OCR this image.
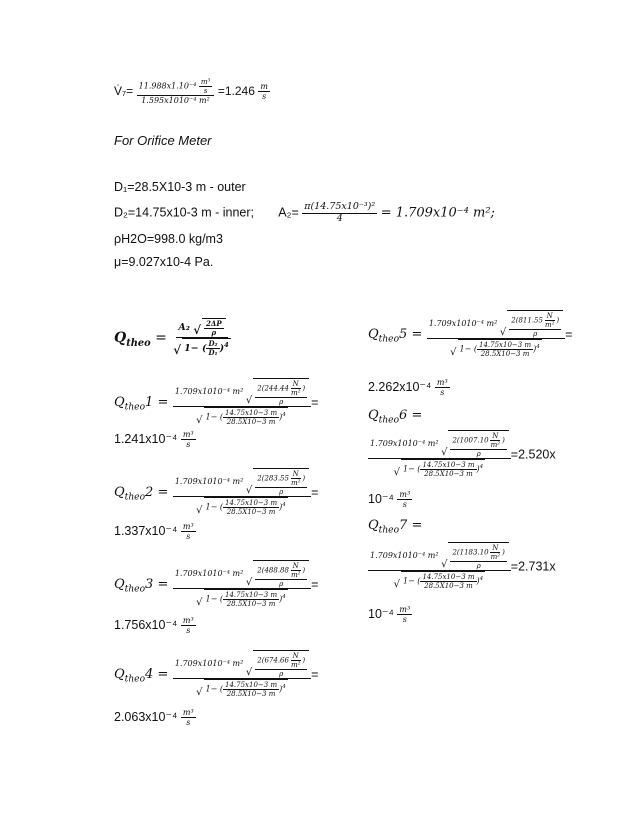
V̇₇= $\frac{11.988x1.10^{-4} \frac{\text{m³}}{s}}{\text{1.595x1010⁻⁴ m²}} =1.246 \frac{m}{s}$
For Orifice Meter
D₁=28.5X10-3 m - outer
D₂=14.75x10-3 m - inner; $A_2= \frac{\text{π(14.75x10⁻³)²}}{4} = 1.709x10^{-4}$ m²;
ρH2O=998.0 kg/m3
μ=9.027x10-4 Pa.
$Q_{theo} = \frac{A_2 √ \frac{2\Delta P}{\rho}}{√ 1- ( \frac{\text{D₂}}{\text{D₁}} )^4}$
$Q_{theo}1 = 1.709x1010^{-4}$ m²
√ $\frac{2(244.44 \frac{N}{\text{m²}} )}{\rho}$
√ 1− ( $\frac{14.75x10-3 m}{28.5X10-3 m} )^4$ =
$1.241x10^{-4} \frac{\text{m³}}{s}$
$Q_{theo}2 = 1.709x1010^{-4}$ m²
√ $\frac{2(283.55 \frac{N}{\text{m²}} )}{\rho}$
√ 1− ( $\frac{14.75x10-3 m}{28.5X10-3 m} )^4$ =
$1.337x10^{-4} \frac{\text{m³}}{s}$
$Q_{theo}3 = 1.709x1010^{-4}$ m²
√ $\frac{2(488.88 \frac{N}{\text{m²}} )}{\rho}$
√ 1− ( $\frac{14.75x10-3 m}{28.5X10-3 m} )^4$ =
$1.756x10^{-4} \frac{\text{m³}}{s}$
$Q_{theo}4 = 1.709x1010^{-4}$ m²
√ $\frac{2(674.66 \frac{N}{\text{m²}} )}{\rho}$
√ 1− ( $\frac{14.75x10-3 m}{28.5X10-3 m} )^4$ =
$2.063x10^{-4} \frac{\text{m³}}{s}$
$Q_{theo}5 = 1.709x1010^{-4}$ m²
√ $\frac{2(811.55 \frac{N}{\text{m²}} )}{\rho}$
√ 1− ( $\frac{14.75x10-3 m}{28.5X10-3 m} )^4$ =
$2.262x10^{-4} \frac{\text{m³}}{s}$
$Q_{theo}6$ =
1.709x1010⁻⁴ m²
√ $\frac{2(1007.10 \frac{N}{\text{m²}} )}{\rho}$
√ 1− ( $\frac{14.75x10-3 m}{28.5X10-3 m} )^4 =2.520x$
$10^{-4} \frac{\text{m³}}{s}$
$Q_{theo}7$ =
1.709x1010⁻⁴ m²
√ $\frac{2(1183.10 \frac{N}{\text{m²}} )}{\rho}$
√ 1− ( $\frac{14.75x10-3 m}{28.5X10-3 m} )^4 =2.731x$
$10^{-4} \frac{\text{m³}}{s}$
